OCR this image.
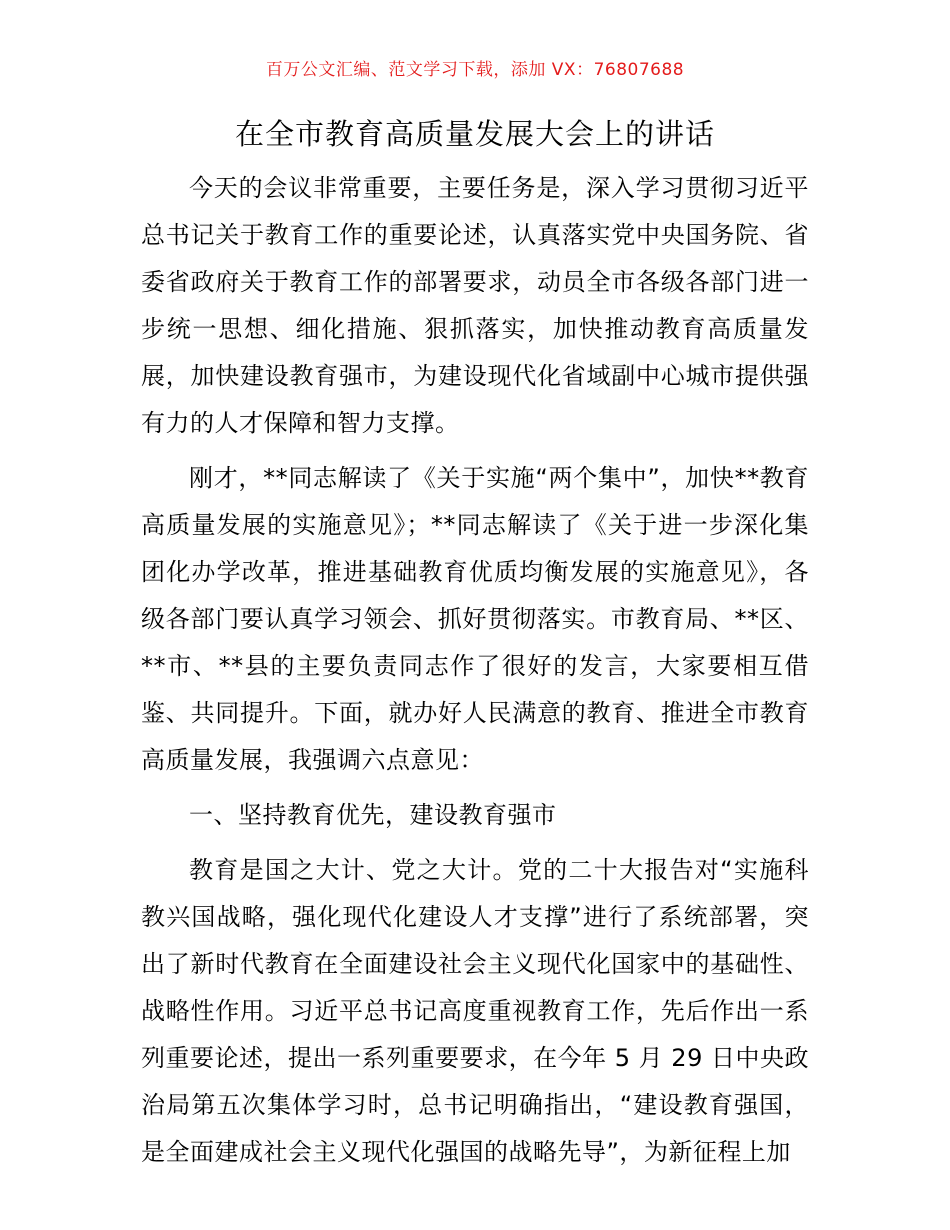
百万公文汇编、范文学习下载，添加 VX：76807688
在全市教育高质量发展大会上的讲话

今天的会议非常重要，主要任务是，深入学习贯彻习近平总书记关于教育工作的重要论述，认真落实党中央国务院、省委省政府关于教育工作的部署要求，动员全市各级各部门进一步统一思想、细化措施、狠抓落实，加快推动教育高质量发展，加快建设教育强市，为建设现代化省域副中心城市提供强有力的人才保障和智力支撑。

刚才，**同志解读了《关于实施“两个集中”，加快**教育高质量发展的实施意见》；**同志解读了《关于进一步深化集团化办学改革，推进基础教育优质均衡发展的实施意见》，各级各部门要认真学习领会、抓好贯彻落实。市教育局、**区、**市、**县的主要负责同志作了很好的发言，大家要相互借鉴、共同提升。下面，就办好人民满意的教育、推进全市教育高质量发展，我强调六点意见：

一、坚持教育优先，建设教育强市

教育是国之大计、党之大计。党的二十大报告对“实施科教兴国战略，强化现代化建设人才支撑”进行了系统部署，突出了新时代教育在全面建设社会主义现代化国家中的基础性、战略性作用。习近平总书记高度重视教育工作，先后作出一系列重要论述，提出一系列重要要求，在今年 5 月 29 日中央政治局第五次集体学习时，总书记明确指出，“建设教育强国，是全面建成社会主义现代化强国的战略先导”，为新征程上加
